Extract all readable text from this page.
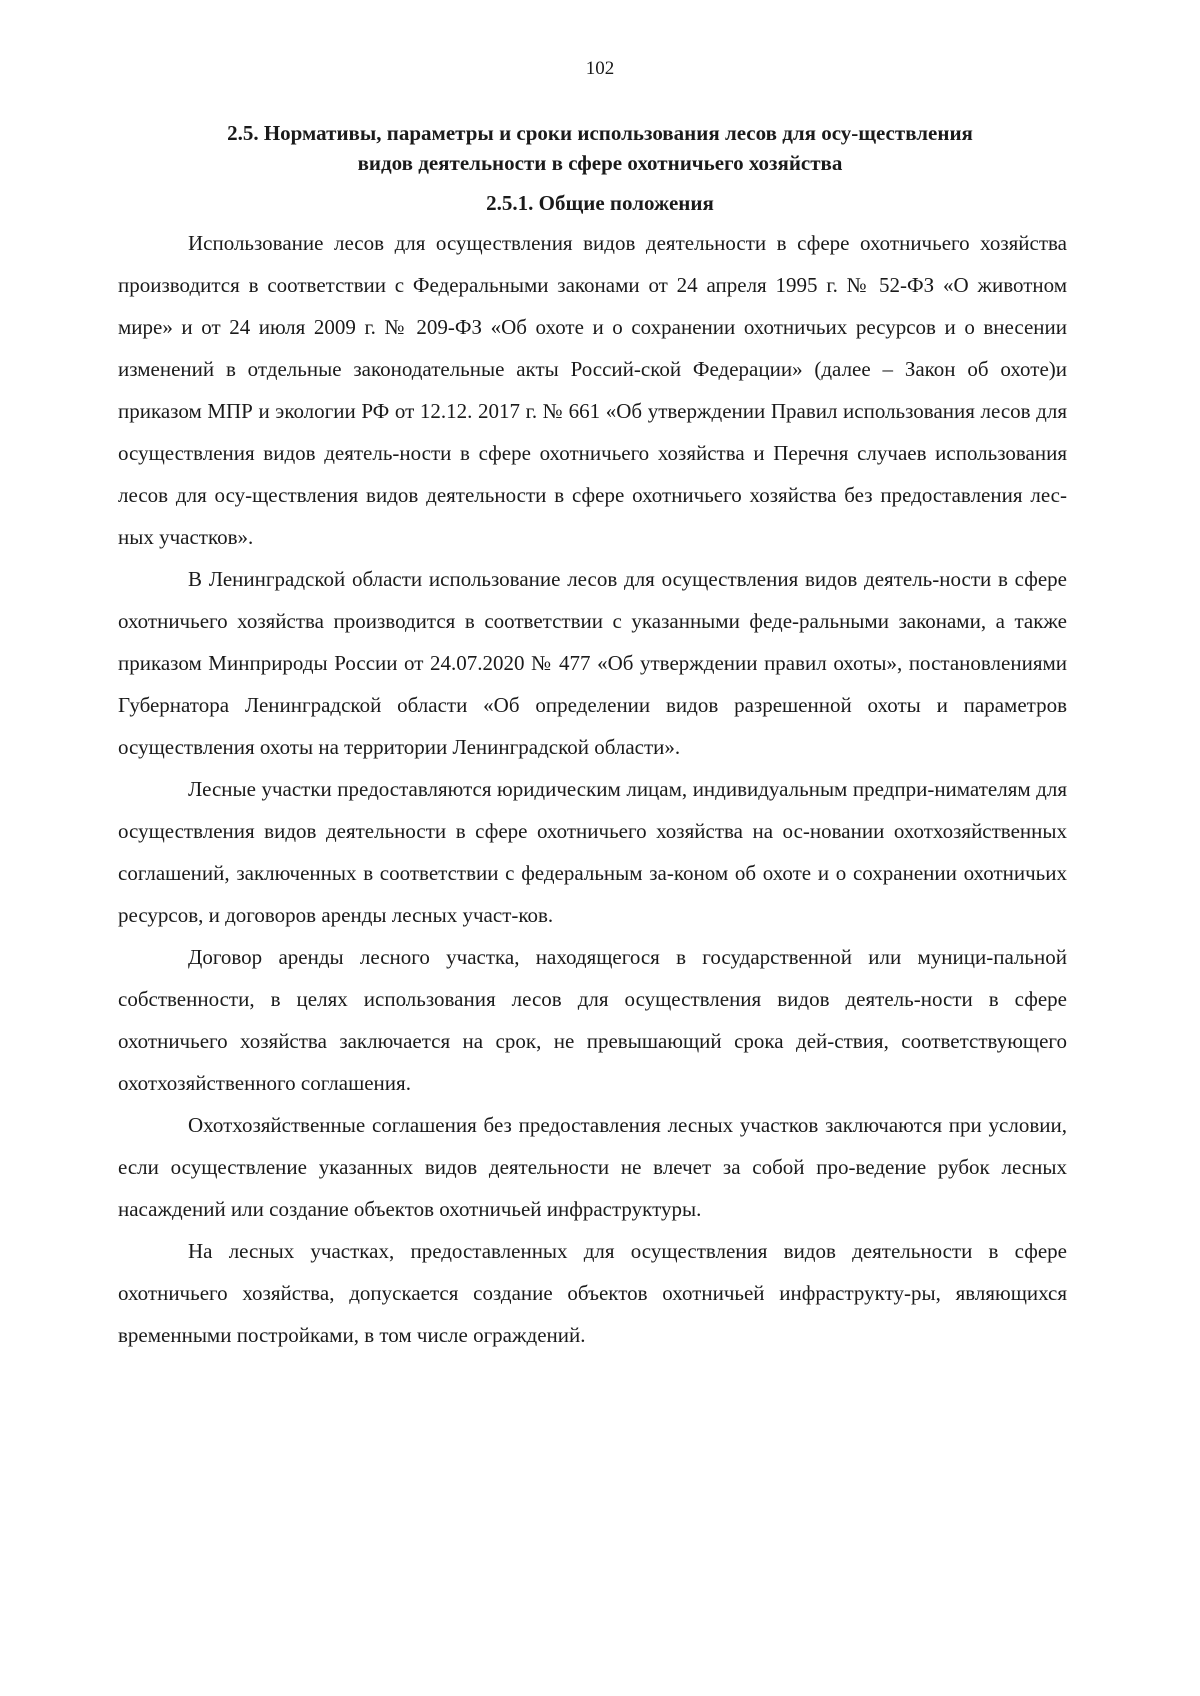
102
2.5. Нормативы, параметры и сроки использования лесов для осу-ществления видов деятельности в сфере охотничьего хозяйства
2.5.1. Общие положения

Использование лесов для осуществления видов деятельности в сфере охотничьего хозяйства производится в соответствии с Федеральными законами от 24 апреля 1995 г. № 52-ФЗ «О животном мире» и от 24 июля 2009 г. № 209-ФЗ «Об охоте и о сохранении охотничьих ресурсов и о внесении изменений в отдельные законодательные акты Россий-ской Федерации» (далее – Закон об охоте)и приказом МПР и экологии РФ от 12.12. 2017 г. № 661 «Об утверждении Правил использования лесов для осуществления видов деятель-ности в сфере охотничьего хозяйства и Перечня случаев использования лесов для осу-ществления видов деятельности в сфере охотничьего хозяйства без предоставления лес-ных участков».

В Ленинградской области использование лесов для осуществления видов деятель-ности в сфере охотничьего хозяйства производится в соответствии с указанными феде-ральными законами, а также приказом Минприроды России от 24.07.2020 № 477 «Об утверждении правил охоты», постановлениями Губернатора Ленинградской области «Об определении видов разрешенной охоты и параметров осуществления охоты на территории Ленинградской области».

Лесные участки предоставляются юридическим лицам, индивидуальным предпри-нимателям для осуществления видов деятельности в сфере охотничьего хозяйства на ос-новании охотхозяйственных соглашений, заключенных в соответствии с федеральным за-коном об охоте и о сохранении охотничьих ресурсов, и договоров аренды лесных участ-ков.

Договор аренды лесного участка, находящегося в государственной или муници-пальной собственности, в целях использования лесов для осуществления видов деятель-ности в сфере охотничьего хозяйства заключается на срок, не превышающий срока дей-ствия, соответствующего охотхозяйственного соглашения.

Охотхозяйственные соглашения без предоставления лесных участков заключаются при условии, если осуществление указанных видов деятельности не влечет за собой про-ведение рубок лесных насаждений или создание объектов охотничьей инфраструктуры.

На лесных участках, предоставленных для осуществления видов деятельности в сфере охотничьего хозяйства, допускается создание объектов охотничьей инфраструкту-ры, являющихся временными постройками, в том числе ограждений.
